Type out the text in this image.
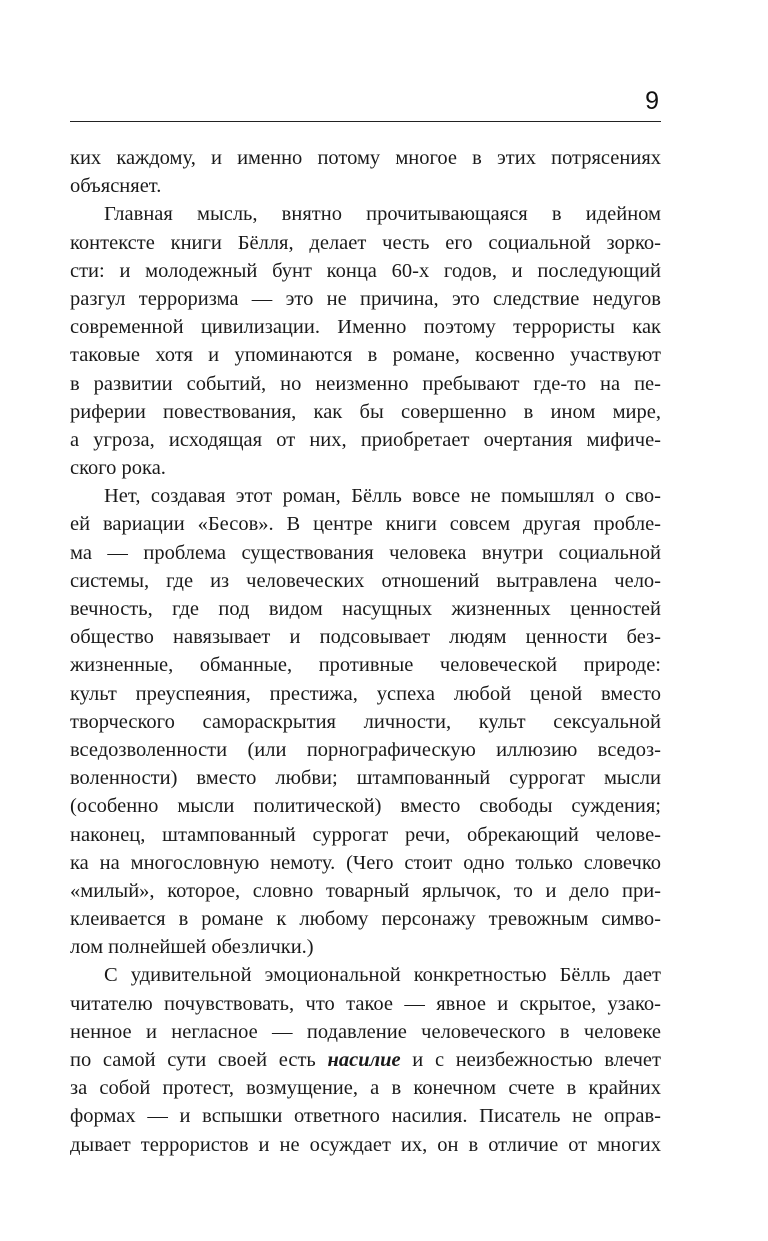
9
ких каждому, и именно потому многое в этих потрясениях
объясняет.
Главная мысль, внятно прочитывающаяся в идейном
контексте книги Бёлля, делает честь его социальной зорко-
сти: и молодежный бунт конца 60-х годов, и последующий
разгул терроризма — это не причина, это следствие недугов
современной цивилизации. Именно поэтому террористы как
таковые хотя и упоминаются в романе, косвенно участвуют
в развитии событий, но неизменно пребывают где-то на пе-
риферии повествования, как бы совершенно в ином мире,
а угроза, исходящая от них, приобретает очертания мифиче-
ского рока.
Нет, создавая этот роман, Бёлль вовсе не помышлял о сво-
ей вариации «Бесов». В центре книги совсем другая пробле-
ма — проблема существования человека внутри социальной
системы, где из человеческих отношений вытравлена чело-
вечность, где под видом насущных жизненных ценностей
общество навязывает и подсовывает людям ценности без-
жизненные, обманные, противные человеческой природе:
культ преуспеяния, престижа, успеха любой ценой вместо
творческого самораскрытия личности, культ сексуальной
вседозволенности (или порнографическую иллюзию вседоз-
воленности) вместо любви; штампованный суррогат мысли
(особенно мысли политической) вместо свободы суждения;
наконец, штампованный суррогат речи, обрекающий челове-
ка на многословную немоту. (Чего стоит одно только словечко
«милый», которое, словно товарный ярлычок, то и дело при-
клеивается в романе к любому персонажу тревожным симво-
лом полнейшей обезлички.)
С удивительной эмоциональной конкретностью Бёлль дает
читателю почувствовать, что такое — явное и скрытое, узако-
ненное и негласное — подавление человеческого в человеке
по самой сути своей есть насилие и с неизбежностью влечет
за собой протест, возмущение, а в конечном счете в крайних
формах — и вспышки ответного насилия. Писатель не оправ-
дывает террористов и не осуждает их, он в отличие от многих
